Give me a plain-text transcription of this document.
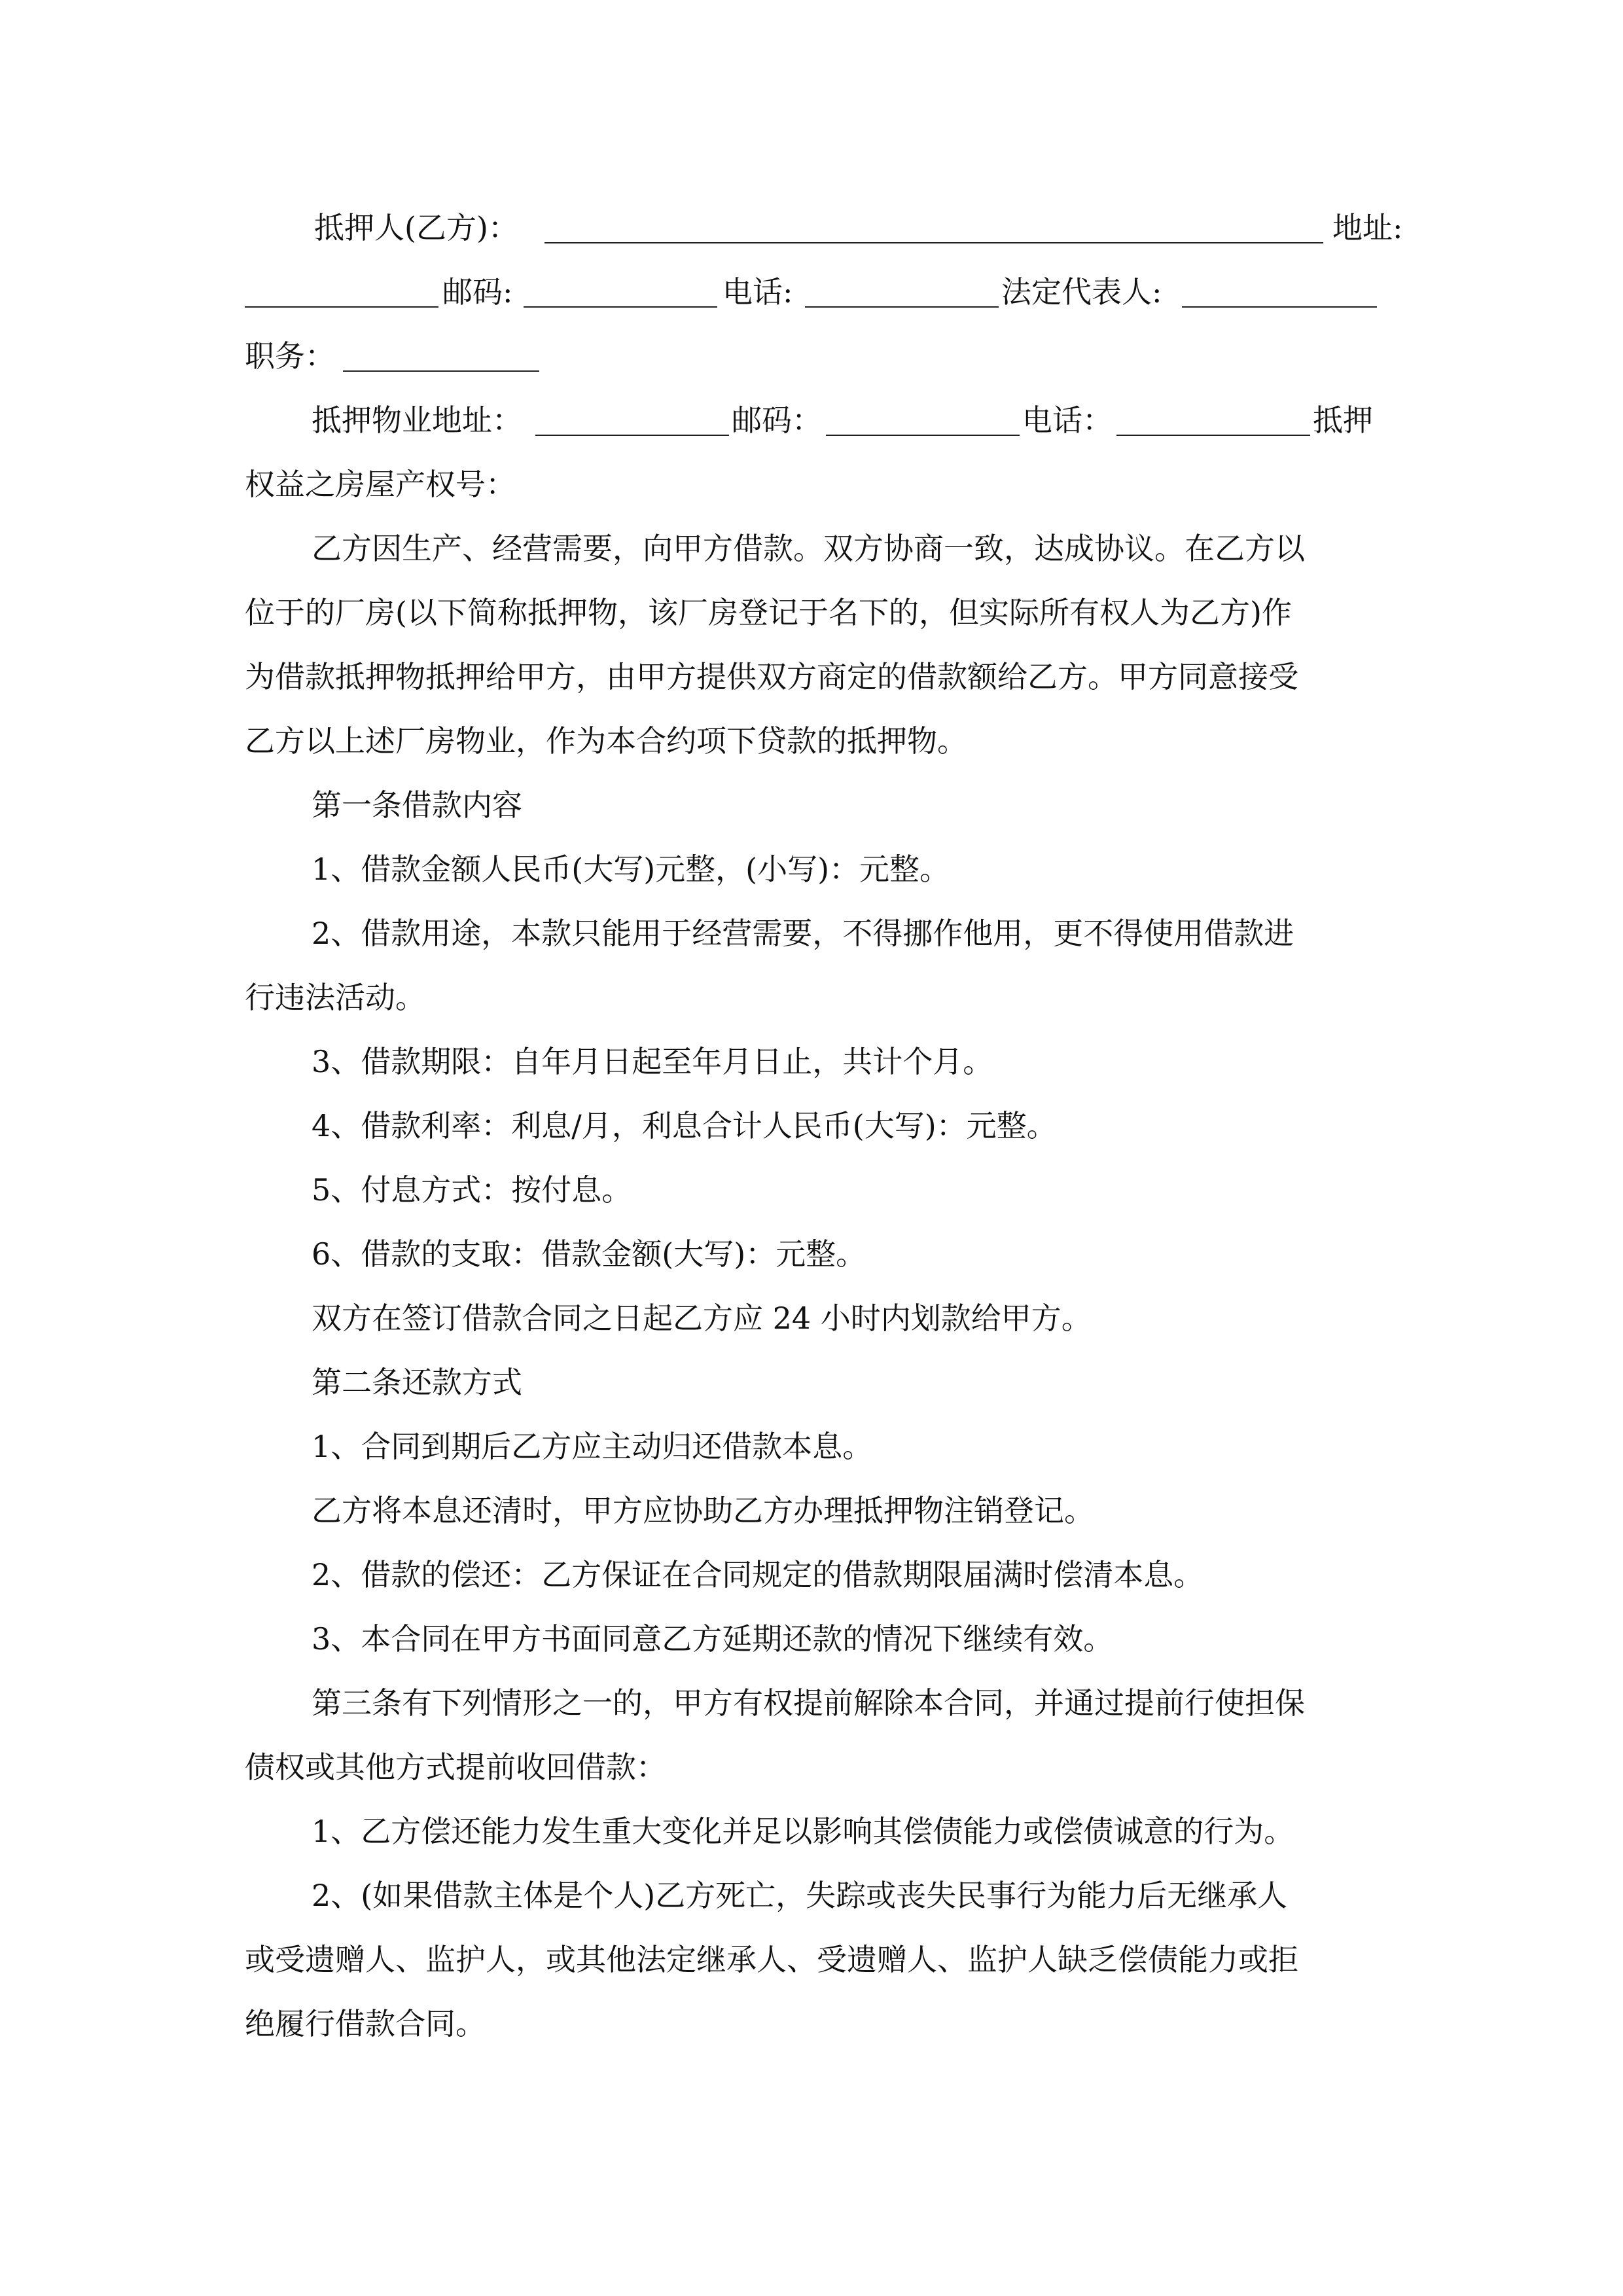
抵押人(乙方)：	地址:
邮码:	电话:	法定代表人:
职务：
抵押物业地址：	邮码：	电话：	抵押
权益之房屋产权号：
乙方因生产、经营需要，向甲方借款。双方协商一致，达成协议。在乙方以
位于的厂房(以下简称抵押物，该厂房登记于名下的，但实际所有权人为乙方)作
为借款抵押物抵押给甲方，由甲方提供双方商定的借款额给乙方。甲方同意接受
乙方以上述厂房物业，作为本合约项下贷款的抵押物。
第一条借款内容
1、借款金额人民币(大写)元整，(小写)：元整。
2、借款用途，本款只能用于经营需要，不得挪作他用，更不得使用借款进
行违法活动。
3、借款期限：自年月日起至年月日止，共计个月。
4、借款利率：利息/月，利息合计人民币(大写)：元整。
5、付息方式：按付息。
6、借款的支取：借款金额(大写)：元整。
双方在签订借款合同之日起乙方应 24 小时内划款给甲方。
第二条还款方式
1、合同到期后乙方应主动归还借款本息。
乙方将本息还清时，甲方应协助乙方办理抵押物注销登记。
2、借款的偿还：乙方保证在合同规定的借款期限届满时偿清本息。
3、本合同在甲方书面同意乙方延期还款的情况下继续有效。
第三条有下列情形之一的，甲方有权提前解除本合同，并通过提前行使担保
债权或其他方式提前收回借款：
1、乙方偿还能力发生重大变化并足以影响其偿债能力或偿债诚意的行为。
2、(如果借款主体是个人)乙方死亡，失踪或丧失民事行为能力后无继承人
或受遗赠人、监护人，或其他法定继承人、受遗赠人、监护人缺乏偿债能力或拒
绝履行借款合同。
